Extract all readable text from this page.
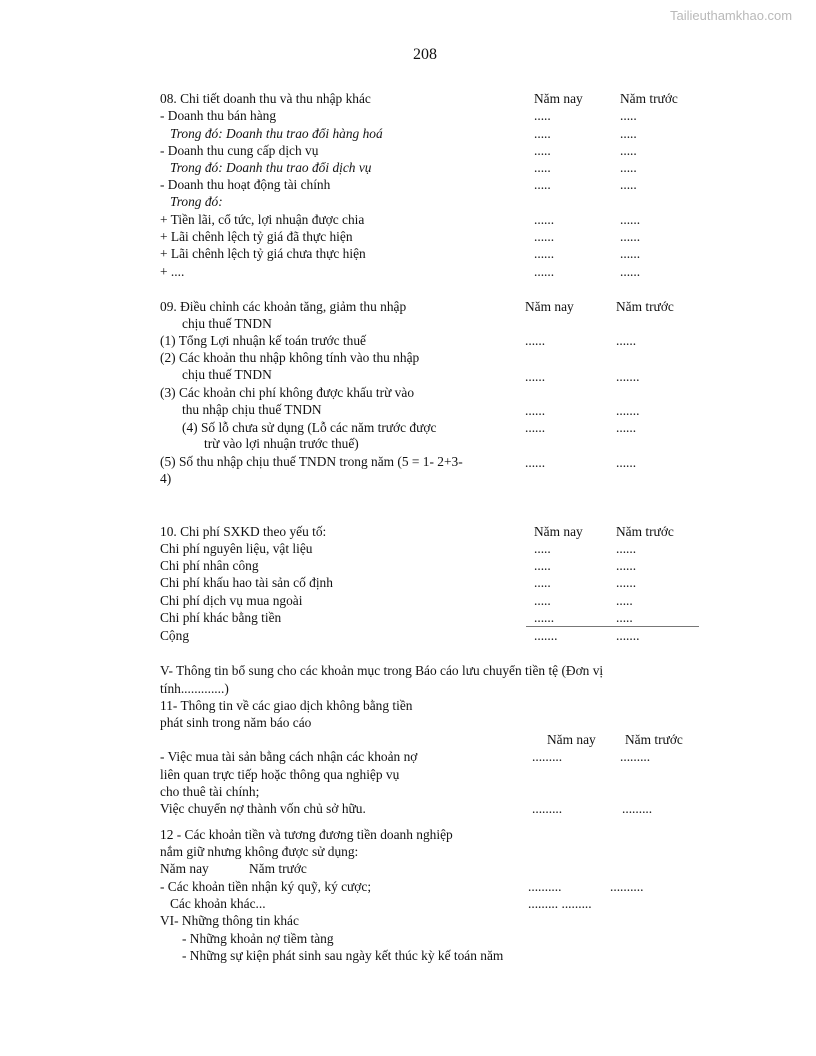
Tailieuthamkhao.com
208
08. Chi tiết doanh thu và thu nhập khác	Năm nay	Năm trước
- Doanh thu bán hàng	.....	.....
Trong đó: Doanh thu trao đổi hàng hoá	.....	.....
- Doanh thu cung cấp dịch vụ	.....	.....
Trong đó: Doanh thu trao đổi dịch vụ	.....	.....
- Doanh thu hoạt động tài chính	.....	.....
Trong đó:
+ Tiền lãi, cổ tức, lợi nhuận được chia	......	......
+ Lãi chênh lệch tỷ giá đã thực hiện	......	......
+ Lãi chênh lệch tỷ giá chưa thực hiện	......	......
+ ....	......	......
09. Điều chỉnh các khoản tăng, giảm thu nhập	Năm nay	Năm trước
chịu thuế TNDN
(1) Tổng Lợi nhuận kế toán trước thuế	......	......
(2) Các khoản thu nhập không tính vào thu nhập
chịu thuế TNDN	......	.......
(3) Các khoản chi phí không được khấu trừ vào
thu nhập chịu thuế TNDN	......	.......
(4) Số lỗ chưa sử dụng (Lỗ các năm trước được	......	......
trừ vào lợi nhuận trước thuế)
(5) Số thu nhập chịu thuế TNDN trong năm (5 = 1- 2+3-	......	......
4)
10. Chi phí SXKD theo yếu tố:	Năm nay Năm trước
Chi phí nguyên liệu, vật liệu	.....	......
Chi phí nhân công	.....	......
Chi phí khấu hao tài sản cố định	.....	......
Chi phí dịch vụ mua ngoài	.....	.....
Chi phí khác bằng tiền	......	.....
Cộng	.......	.......
V- Thông tin bổ sung cho các khoản mục trong Báo cáo lưu chuyển tiền tệ (Đơn vị
tính.............)
11- Thông tin về các giao dịch không bằng tiền
phát sinh trong năm báo cáo
Năm nay Năm trước
- Việc mua tài sản bằng cách nhận các khoản nợ	.........	.........
liên quan trực tiếp hoặc thông qua nghiệp vụ
cho thuê tài chính;
Việc chuyển nợ thành vốn chủ sở hữu.	.........	.........
12 - Các khoản tiền và tương đương tiền doanh nghiệp
nắm giữ nhưng không được sử dụng:
Năm nay	Năm trước
- Các khoản tiền nhận ký quỹ, ký cược;	..........	..........
Các khoản khác...	......... .........
VI- Những thông tin khác
- Những khoản nợ tiềm tàng
- Những sự kiện phát sinh sau ngày kết thúc kỳ kế toán năm
